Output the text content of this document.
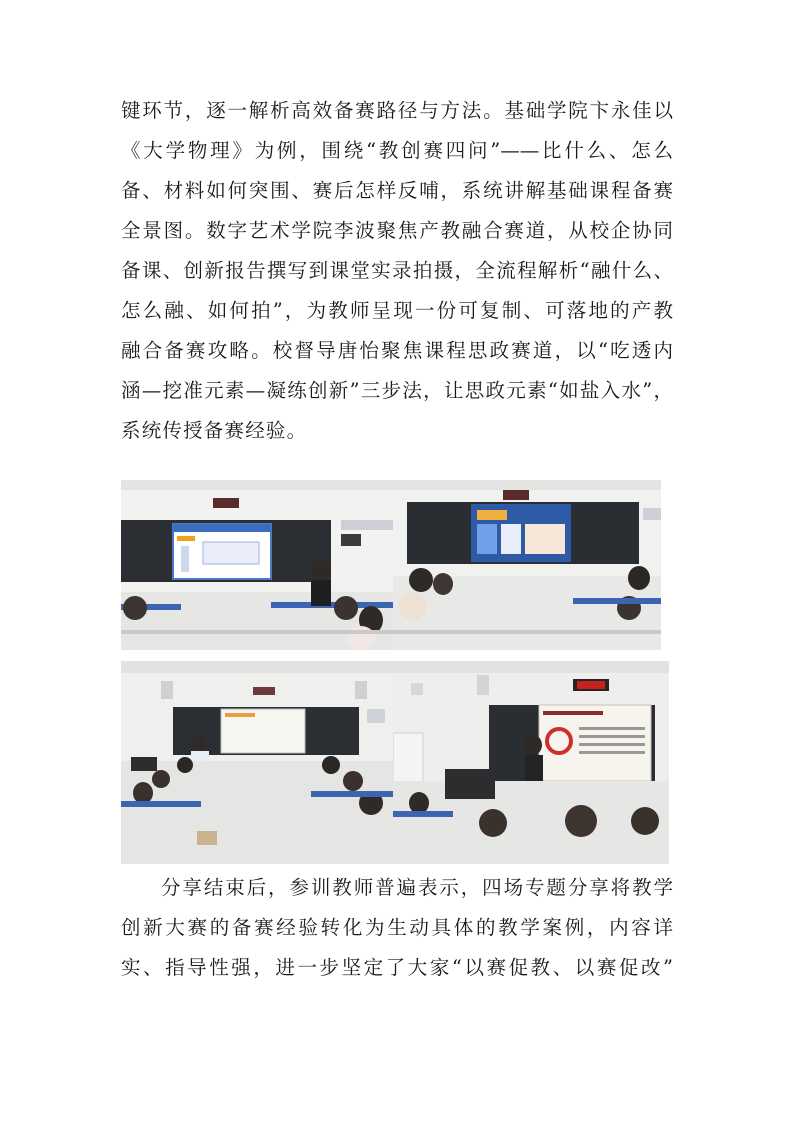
键环节，逐一解析高效备赛路径与方法。基础学院卞永佳以
《大学物理》为例，围绕“教创赛四问”——比什么、怎么
备、材料如何突围、赛后怎样反哺，系统讲解基础课程备赛
全景图。数字艺术学院李波聚焦产教融合赛道，从校企协同
备课、创新报告撰写到课堂实录拍摄，全流程解析“融什么、
怎么融、如何拍”，为教师呈现一份可复制、可落地的产教
融合备赛攻略。校督导唐怡聚焦课程思政赛道，以“吃透内
涵—挖准元素—凝练创新”三步法，让思政元素“如盐入水”，
系统传授备赛经验。
分享结束后，参训教师普遍表示，四场专题分享将教学
创新大赛的备赛经验转化为生动具体的教学案例，内容详
实、指导性强，进一步坚定了大家“以赛促教、以赛促改”
